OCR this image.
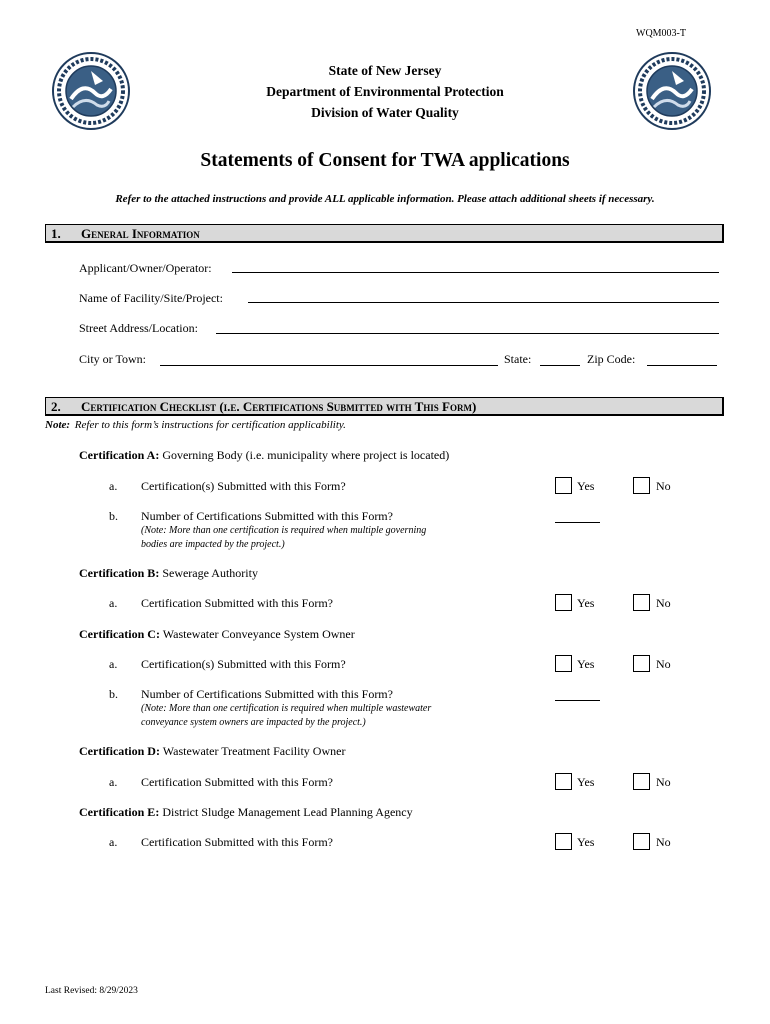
WQM003-T
State of New Jersey
Department of Environmental Protection
Division of Water Quality
Statements of Consent for TWA applications
Refer to the attached instructions and provide ALL applicable information. Please attach additional sheets if necessary.
1. General Information
Applicant/Owner/Operator:
Name of Facility/Site/Project:
Street Address/Location:
City or Town:	State:	Zip Code:
2. Certification Checklist (i.e. Certifications Submitted with This Form)
Note: Refer to this form’s instructions for certification applicability.
Certification A: Governing Body (i.e. municipality where project is located)
a. Certification(s) Submitted with this Form?	Yes	No
b. Number of Certifications Submitted with this Form?
(Note: More than one certification is required when multiple governing
bodies are impacted by the project.)
Certification B: Sewerage Authority
a. Certification Submitted with this Form?	Yes	No
Certification C: Wastewater Conveyance System Owner
a. Certification(s) Submitted with this Form?	Yes	No
b. Number of Certifications Submitted with this Form?
(Note: More than one certification is required when multiple wastewater
conveyance system owners are impacted by the project.)
Certification D: Wastewater Treatment Facility Owner
a. Certification Submitted with this Form?	Yes	No
Certification E: District Sludge Management Lead Planning Agency
a. Certification Submitted with this Form?	Yes	No
Last Revised: 8/29/2023
